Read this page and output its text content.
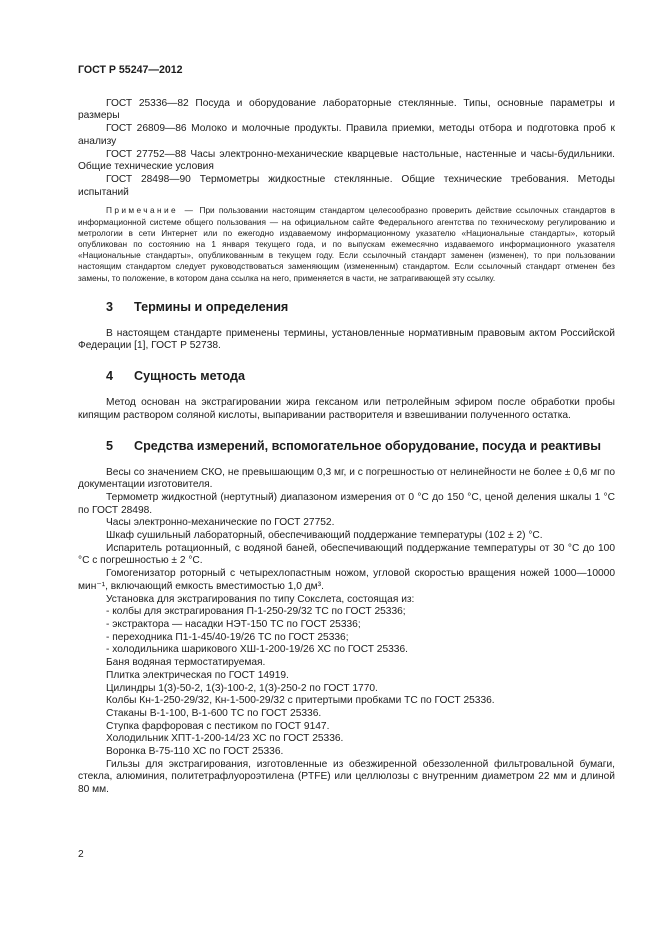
ГОСТ Р 55247—2012

ГОСТ 25336—82 Посуда и оборудование лабораторные стеклянные. Типы, основные параметры и размеры

ГОСТ 26809—86 Молоко и молочные продукты. Правила приемки, методы отбора и подготовка проб к анализу

ГОСТ 27752—88 Часы электронно-механические кварцевые настольные, настенные и часы-будильники. Общие технические условия

ГОСТ 28498—90 Термометры жидкостные стеклянные. Общие технические требования. Методы испытаний

Примечание — При пользовании настоящим стандартом целесообразно проверить действие ссылочных стандартов в информационной системе общего пользования — на официальном сайте Федерального агентства по техническому регулированию и метрологии в сети Интернет или по ежегодно издаваемому информационному указателю «Национальные стандарты», который опубликован по состоянию на 1 января текущего года, и по выпускам ежемесячно издаваемого информационного указателя «Национальные стандарты», опубликованным в текущем году. Если ссылочный стандарт заменен (изменен), то при пользовании настоящим стандартом следует руководствоваться заменяющим (измененным) стандартом. Если ссылочный стандарт отменен без замены, то положение, в котором дана ссылка на него, применяется в части, не затрагивающей эту ссылку.

3	Термины и определения

В настоящем стандарте применены термины, установленные нормативным правовым актом Российской Федерации [1], ГОСТ Р 52738.

4	Сущность метода

Метод основан на экстрагировании жира гексаном или петролейным эфиром после обработки пробы кипящим раствором соляной кислоты, выпаривании растворителя и взвешивании полученного остатка.

5	Средства измерений, вспомогательное оборудование, посуда и реактивы

Весы со значением СКО, не превышающим 0,3 мг, и с погрешностью от нелинейности не более ± 0,6 мг по документации изготовителя.

Термометр жидкостной (нертутный) диапазоном измерения от 0 °С до 150 °С, ценой деления шкалы 1 °С по ГОСТ 28498.

Часы электронно-механические по ГОСТ 27752.

Шкаф сушильный лабораторный, обеспечивающий поддержание температуры (102 ± 2) °С.

Испаритель ротационный, с водяной баней, обеспечивающий поддержание температуры от 30 °С до 100 °С с погрешностью ± 2 °С.

Гомогенизатор роторный с четырехлопастным ножом, угловой скоростью вращения ножей 1000—10000 мин⁻¹, включающий емкость вместимостью 1,0 дм³.

Установка для экстрагирования по типу Сокслета, состоящая из:

- колбы для экстрагирования П-1-250-29/32 ТС по ГОСТ 25336;

- экстрактора — насадки НЭТ-150 ТС по ГОСТ 25336;

- переходника П1-1-45/40-19/26 ТС по ГОСТ 25336;

- холодильника шарикового ХШ-1-200-19/26 ХС по ГОСТ 25336.

Баня водяная термостатируемая.

Плитка электрическая по ГОСТ 14919.

Цилиндры 1(3)-50-2, 1(3)-100-2, 1(3)-250-2 по ГОСТ 1770.

Колбы Кн-1-250-29/32, Кн-1-500-29/32 с притертыми пробками ТС по ГОСТ 25336.

Стаканы В-1-100, В-1-600 ТС по ГОСТ 25336.

Ступка фарфоровая с пестиком по ГОСТ 9147.

Холодильник ХПТ-1-200-14/23 ХС по ГОСТ 25336.

Воронка В-75-110 ХС по ГОСТ 25336.

Гильзы для экстрагирования, изготовленные из обезжиренной обеззоленной фильтровальной бумаги, стекла, алюминия, политетрафлуороэтилена (PTFE) или целлюлозы с внутренним диаметром 22 мм и длиной 80 мм.

2
